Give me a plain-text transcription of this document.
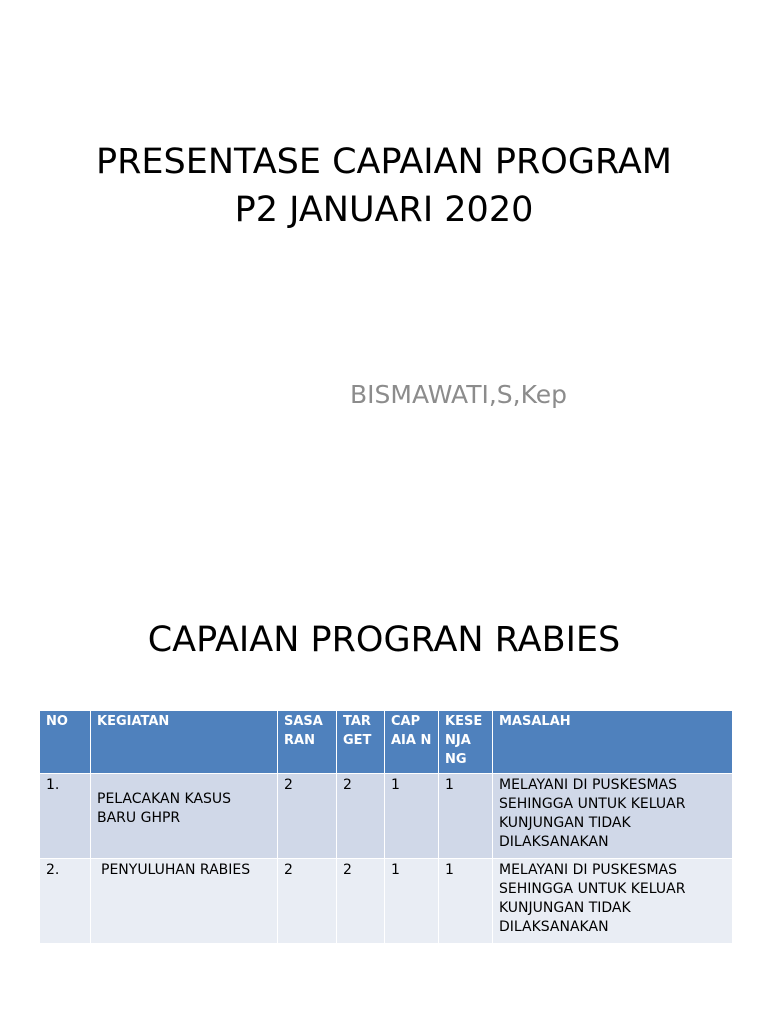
PRESENTASE CAPAIAN PROGRAM
P2 JANUARI 2020
BISMAWATI,S,Kep
CAPAIAN PROGRAN RABIES
NO	KEGIATAN	SASA RAN	TAR GET	CAP AIA N	KESE NJA NG	MASALAH
1.	PELACAKAN KASUS BARU GHPR	2	2	1	1	MELAYANI DI PUSKESMAS SEHINGGA UNTUK KELUAR KUNJUNGAN TIDAK DILAKSANAKAN
2.	PENYULUHAN RABIES	2	2	1	1	MELAYANI DI PUSKESMAS SEHINGGA UNTUK KELUAR KUNJUNGAN TIDAK DILAKSANAKAN
